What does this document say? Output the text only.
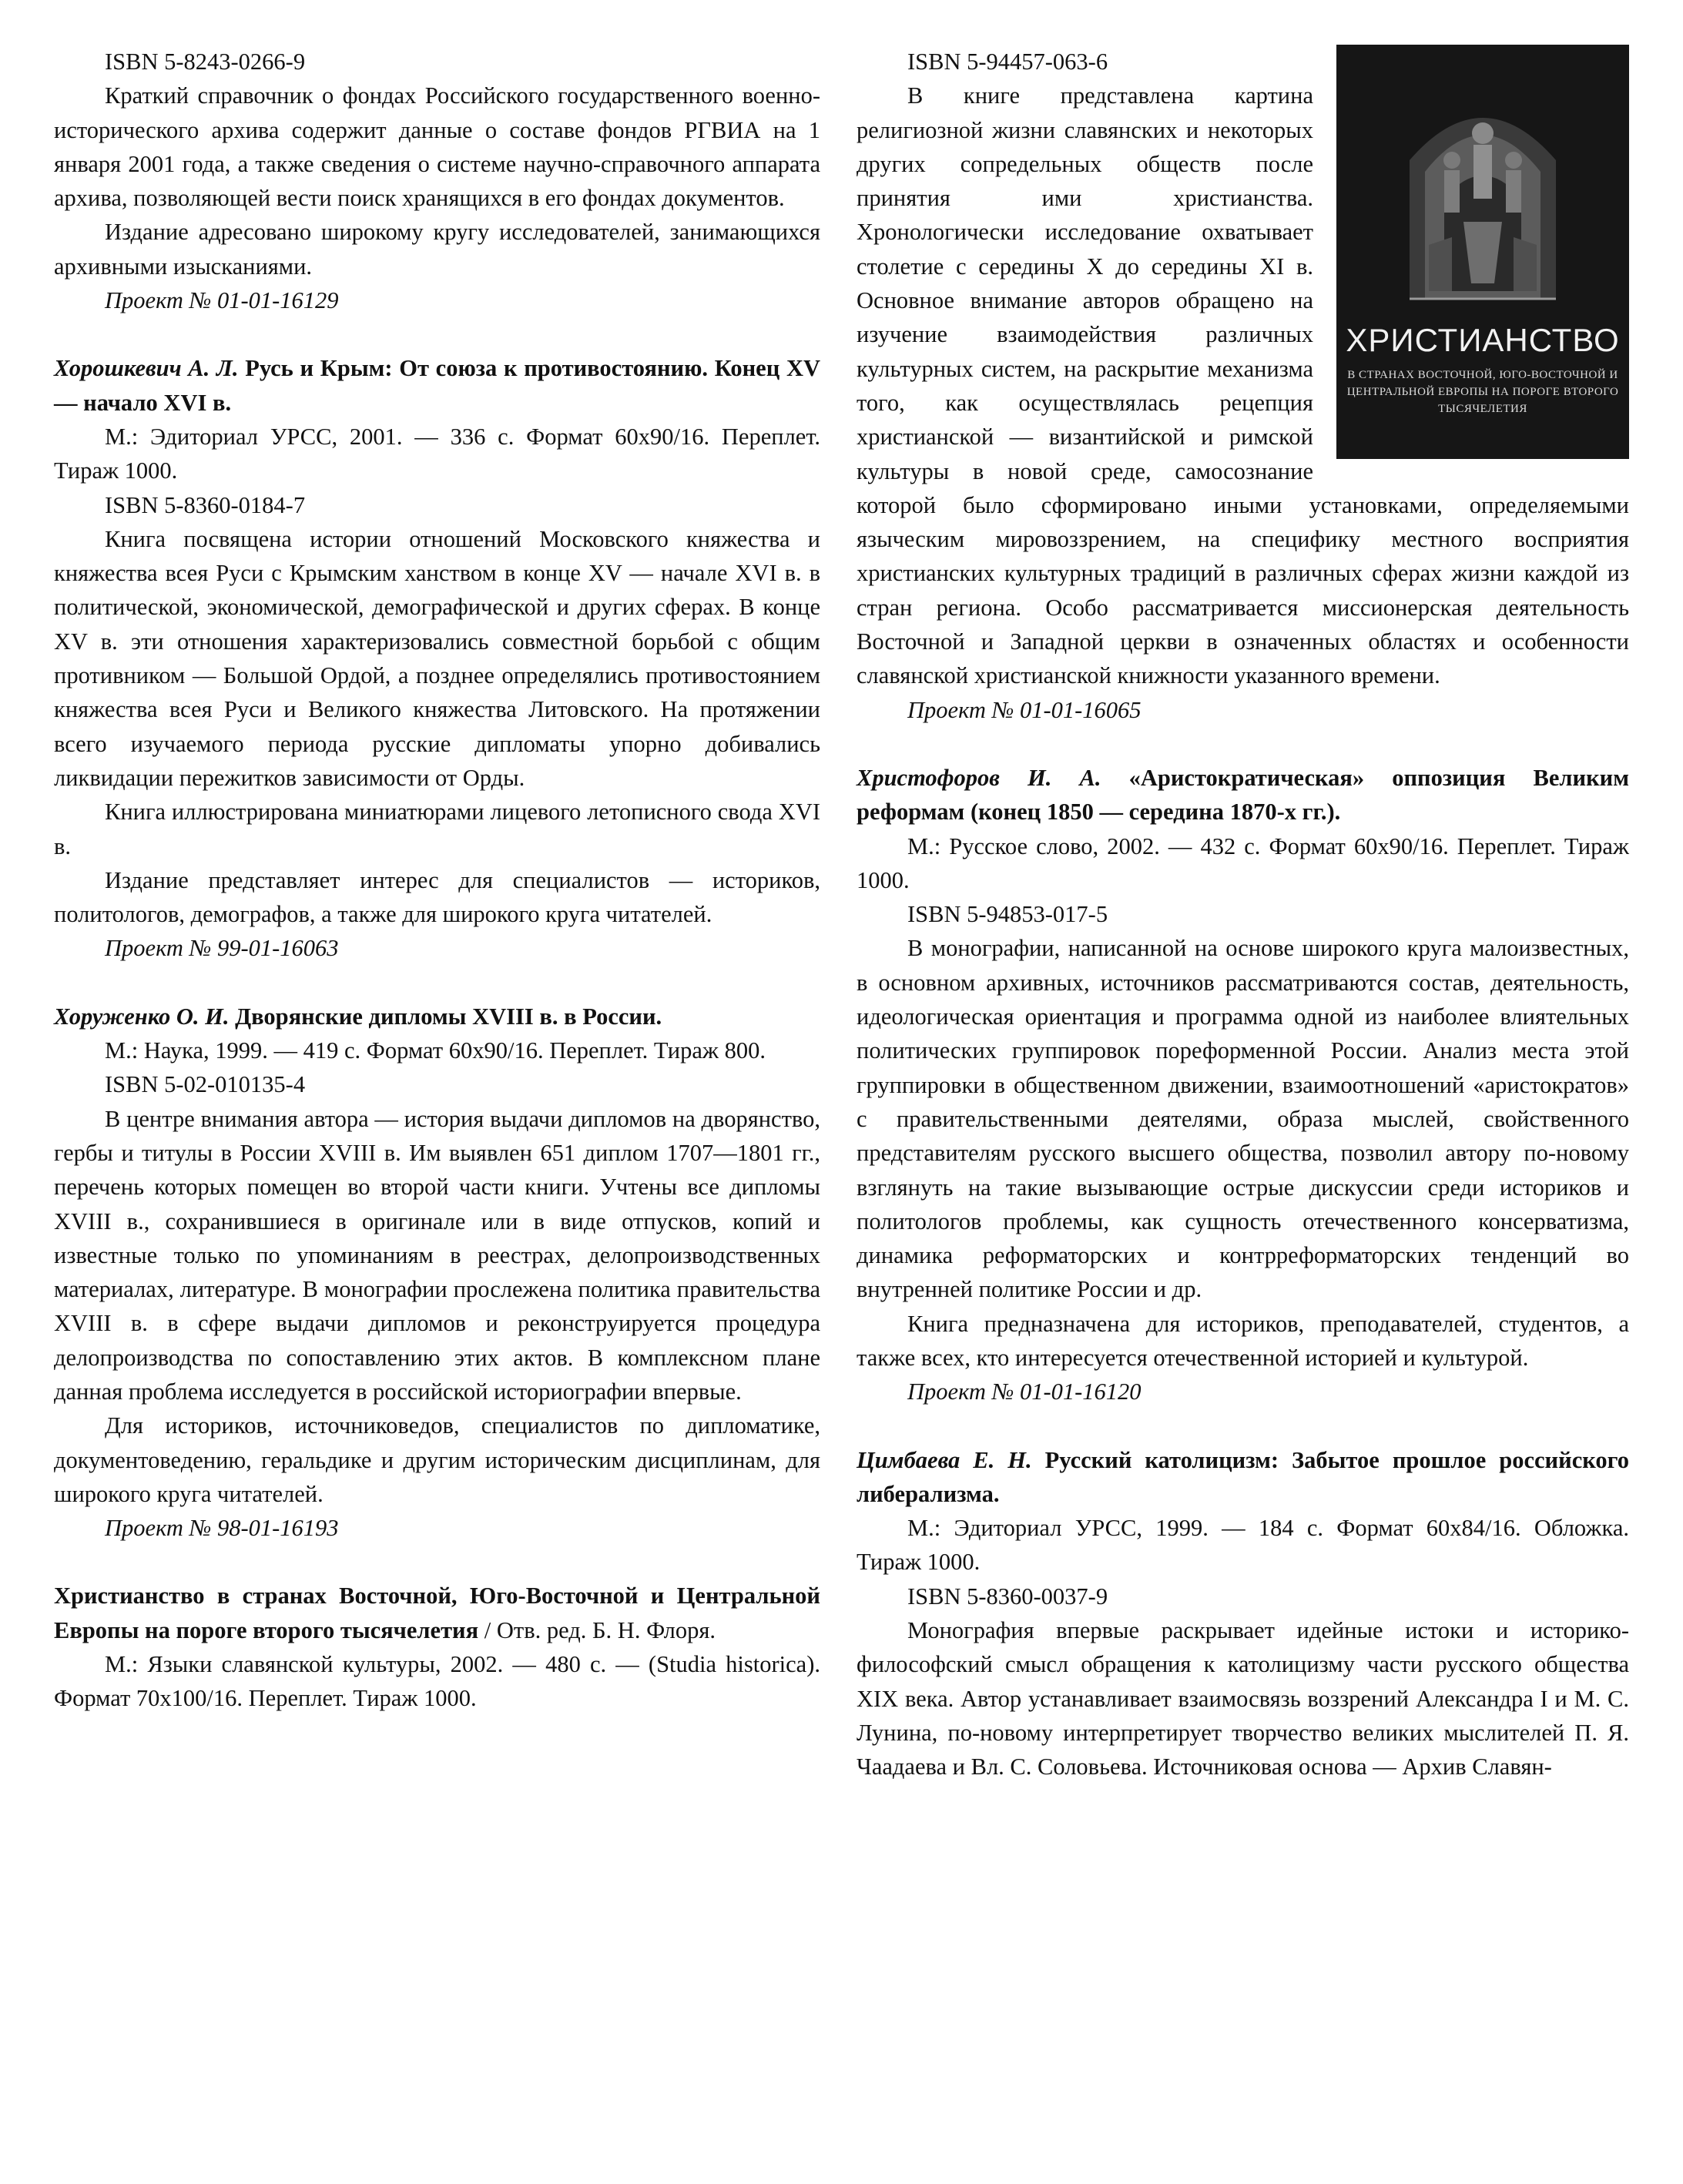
ISBN 5-8243-0266-9

Краткий справочник о фондах Российского государственного военно-исторического архива содержит данные о составе фондов РГВИА на 1 января 2001 года, а также сведения о системе научно-справочного аппарата архива, позволяющей вести поиск хранящихся в его фондах документов.

Издание адресовано широкому кругу исследователей, занимающихся архивными изысканиями.

Проект № 01-01-16129

Хорошкевич А. Л. Русь и Крым: От союза к противостоянию. Конец XV — начало XVI в.

М.: Эдиториал УРСС, 2001. — 336 с. Формат 60х90/16. Переплет. Тираж 1000.

ISBN 5-8360-0184-7

Книга посвящена истории отношений Московского княжества и княжества всея Руси с Крымским ханством в конце XV — начале XVI в. в политической, экономической, демографической и других сферах. В конце XV в. эти отношения характеризовались совместной борьбой с общим противником — Большой Ордой, а позднее определялись противостоянием княжества всея Руси и Великого княжества Литовского. На протяжении всего изучаемого периода русские дипломаты упорно добивались ликвидации пережитков зависимости от Орды.

Книга иллюстрирована миниатюрами лицевого летописного свода XVI в.

Издание представляет интерес для специалистов — историков, политологов, демографов, а также для широкого круга читателей.

Проект № 99-01-16063

Хоруженко О. И. Дворянские дипломы XVIII в. в России.

М.: Наука, 1999. — 419 с. Формат 60х90/16. Переплет. Тираж 800.

ISBN 5-02-010135-4

В центре внимания автора — история выдачи дипломов на дворянство, гербы и титулы в России XVIII в. Им выявлен 651 диплом 1707—1801 гг., перечень которых помещен во второй части книги. Учтены все дипломы XVIII в., сохранившиеся в оригинале или в виде отпусков, копий и известные только по упоминаниям в реестрах, делопроизводственных материалах, литературе. В монографии прослежена политика правительства XVIII в. в сфере выдачи дипломов и реконструируется процедура делопроизводства по сопоставлению этих актов. В комплексном плане данная проблема исследуется в российской историографии впервые.

Для историков, источниковедов, специалистов по дипломатике, документоведению, геральдике и другим историческим дисциплинам, для широкого круга читателей.

Проект № 98-01-16193

Христианство в странах Восточной, Юго-Восточной и Центральной Европы на пороге второго тысячелетия / Отв. ред. Б. Н. Флоря.

М.: Языки славянской культуры, 2002. — 480 с. — (Studia historica). Формат 70х100/16. Переплет. Тираж 1000.

ХРИСТИАНСТВО
В СТРАНАХ ВОСТОЧНОЙ, ЮГО-ВОСТОЧНОЙ И ЦЕНТРАЛЬНОЙ ЕВРОПЫ НА ПОРОГЕ ВТОРОГО ТЫСЯЧЕЛЕТИЯ

ISBN 5-94457-063-6

В книге представлена картина религиозной жизни славянских и некоторых других сопредельных обществ после принятия ими христианства. Хронологически исследование охватывает столетие с середины X до середины XI в. Основное внимание авторов обращено на изучение взаимодействия различных культурных систем, на раскрытие механизма того, как осуществлялась рецепция христианской — византийской и римской культуры в новой среде, самосознание которой было сформировано иными установками, определяемыми языческим мировоззрением, на специфику местного восприятия христианских культурных традиций в различных сферах жизни каждой из стран региона. Особо рассматривается миссионерская деятельность Восточной и Западной церкви в означенных областях и особенности славянской христианской книжности указанного времени.

Проект № 01-01-16065

Христофоров И. А. «Аристократическая» оппозиция Великим реформам (конец 1850 — середина 1870-х гг.).

М.: Русское слово, 2002. — 432 с. Формат 60х90/16. Переплет. Тираж 1000.

ISBN 5-94853-017-5

В монографии, написанной на основе широкого круга малоизвестных, в основном архивных, источников рассматриваются состав, деятельность, идеологическая ориентация и программа одной из наиболее влиятельных политических группировок пореформенной России. Анализ места этой группировки в общественном движении, взаимоотношений «аристократов» с правительственными деятелями, образа мыслей, свойственного представителям русского высшего общества, позволил автору по-новому взглянуть на такие вызывающие острые дискуссии среди историков и политологов проблемы, как сущность отечественного консерватизма, динамика реформаторских и контрреформаторских тенденций во внутренней политике России и др.

Книга предназначена для историков, преподавателей, студентов, а также всех, кто интересуется отечественной историей и культурой.

Проект № 01-01-16120

Цимбаева Е. Н. Русский католицизм: Забытое прошлое российского либерализма.

М.: Эдиториал УРСС, 1999. — 184 с. Формат 60х84/16. Обложка. Тираж 1000.

ISBN 5-8360-0037-9

Монография впервые раскрывает идейные истоки и историко-философский смысл обращения к католицизму части русского общества XIX века. Автор устанавливает взаимосвязь воззрений Александра I и М. С. Лунина, по-новому интерпретирует творчество великих мыслителей П. Я. Чаадаева и Вл. С. Соловьева. Источниковая основа — Архив Славян-
